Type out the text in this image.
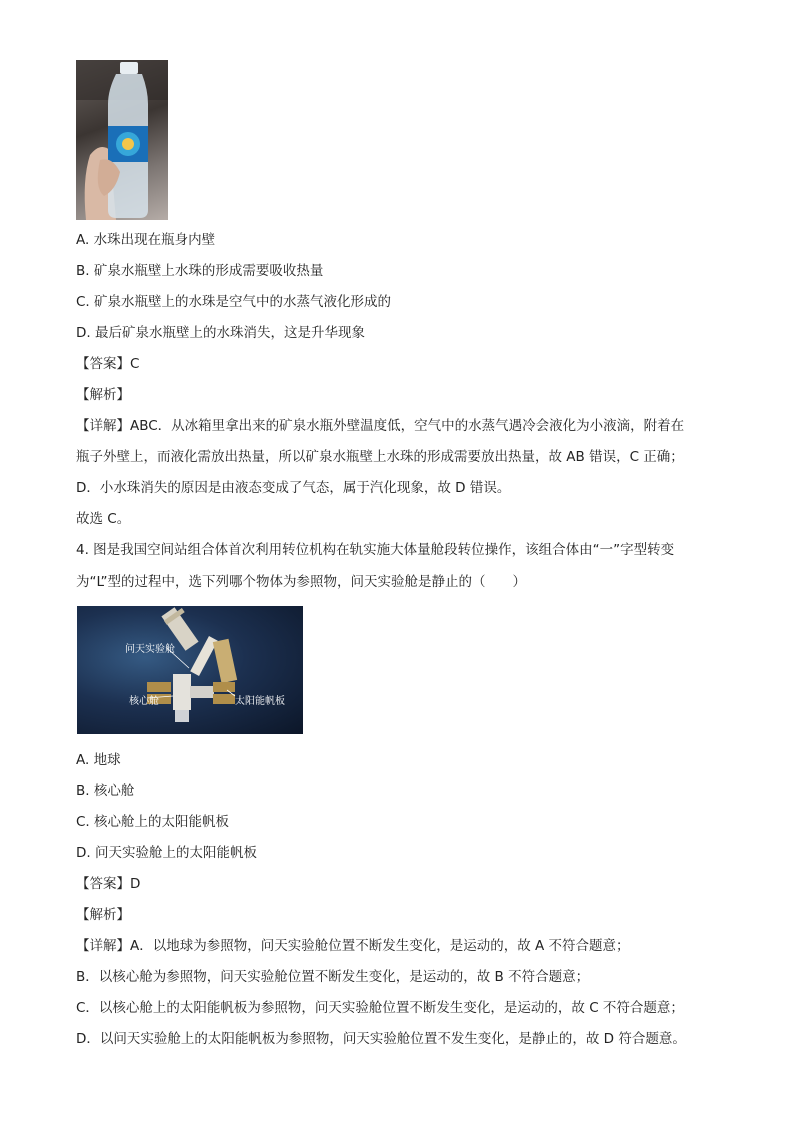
A. 水珠出现在瓶身内壁
B. 矿泉水瓶壁上水珠的形成需要吸收热量
C. 矿泉水瓶壁上的水珠是空气中的水蒸气液化形成的
D. 最后矿泉水瓶壁上的水珠消失，这是升华现象
【答案】C
【解析】
【详解】ABC．从冰箱里拿出来的矿泉水瓶外壁温度低，空气中的水蒸气遇冷会液化为小液滴，附着在
瓶子外壁上，而液化需放出热量，所以矿泉水瓶壁上水珠的形成需要放出热量，故 AB 错误，C 正确；
D．小水珠消失的原因是由液态变成了气态，属于汽化现象，故 D 错误。
故选 C。
4. 图是我国空间站组合体首次利用转位机构在轨实施大体量舱段转位操作，该组合体由“一”字型转变
为“L”型的过程中，选下列哪个物体为参照物，问天实验舱是静止的（　　）
问天实验舱
核心舱	太阳能帆板
A. 地球
B. 核心舱
C. 核心舱上的太阳能帆板
D. 问天实验舱上的太阳能帆板
【答案】D
【解析】
【详解】A．以地球为参照物，问天实验舱位置不断发生变化，是运动的，故 A 不符合题意；
B．以核心舱为参照物，问天实验舱位置不断发生变化，是运动的，故 B 不符合题意；
C．以核心舱上的太阳能帆板为参照物，问天实验舱位置不断发生变化，是运动的，故 C 不符合题意；
D．以问天实验舱上的太阳能帆板为参照物，问天实验舱位置不发生变化，是静止的，故 D 符合题意。
